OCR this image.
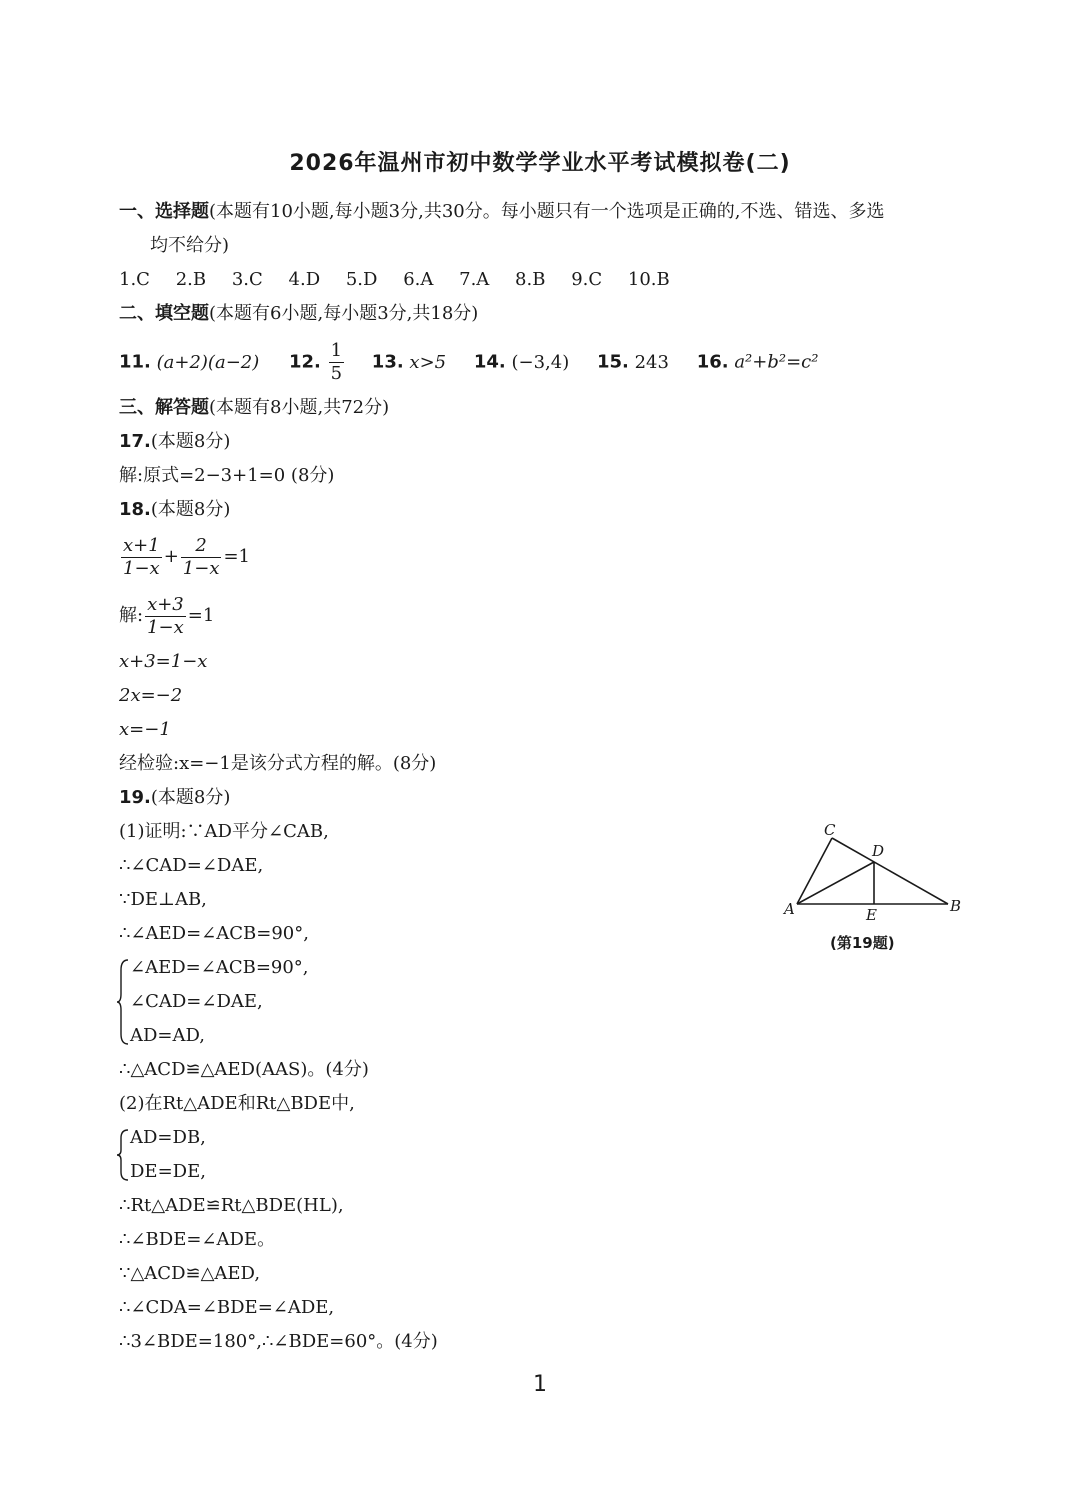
2026年温州市初中数学学业水平考试模拟卷(二)
一、选择题(本题有10小题,每小题3分,共30分。每小题只有一个选项是正确的,不选、错选、多选
均不给分)
1.C 2.B 3.C 4.D 5.D 6.A 7.A 8.B 9.C 10.B
二、填空题(本题有6小题,每小题3分,共18分)
11. (a+2)(a−2) 12. $\frac{1}{5} 13$. x>5 14. (−3,4) 15. 243 16. a²+b²=c²
三、解答题(本题有8小题,共72分)
17.(本题8分)
解:原式=2−3+1=0 (8分)
18.(本题8分)
$\frac{x+1}{1-x} + \frac{2}{1-x} =1$
解: $\frac{x+3}{1-x} =1$
x+3=1−x
2x=−2
x=−1
经检验:x=−1是该分式方程的解。(8分)
19.(本题8分)
(1)证明:∵AD平分∠CAB,
∴∠CAD=∠DAE,
∵DE⊥AB,
∴∠AED=∠ACB=90°,
∠AED=∠ACB=90°,
∠CAD=∠DAE,
AD=AD,
∴△ACD≌△AED(AAS)。(4分)
(2)在Rt△ADE和Rt△BDE中,
AD=DB,
DE=DE,
∴Rt△ADE≌Rt△BDE(HL),
∴∠BDE=∠ADE。
∵△ACD≌△AED,
∴∠CDA=∠BDE=∠ADE,
∴3∠BDE=180°,∴∠BDE=60°。(4分)
A	B
C
D
E
(第19题)
1
